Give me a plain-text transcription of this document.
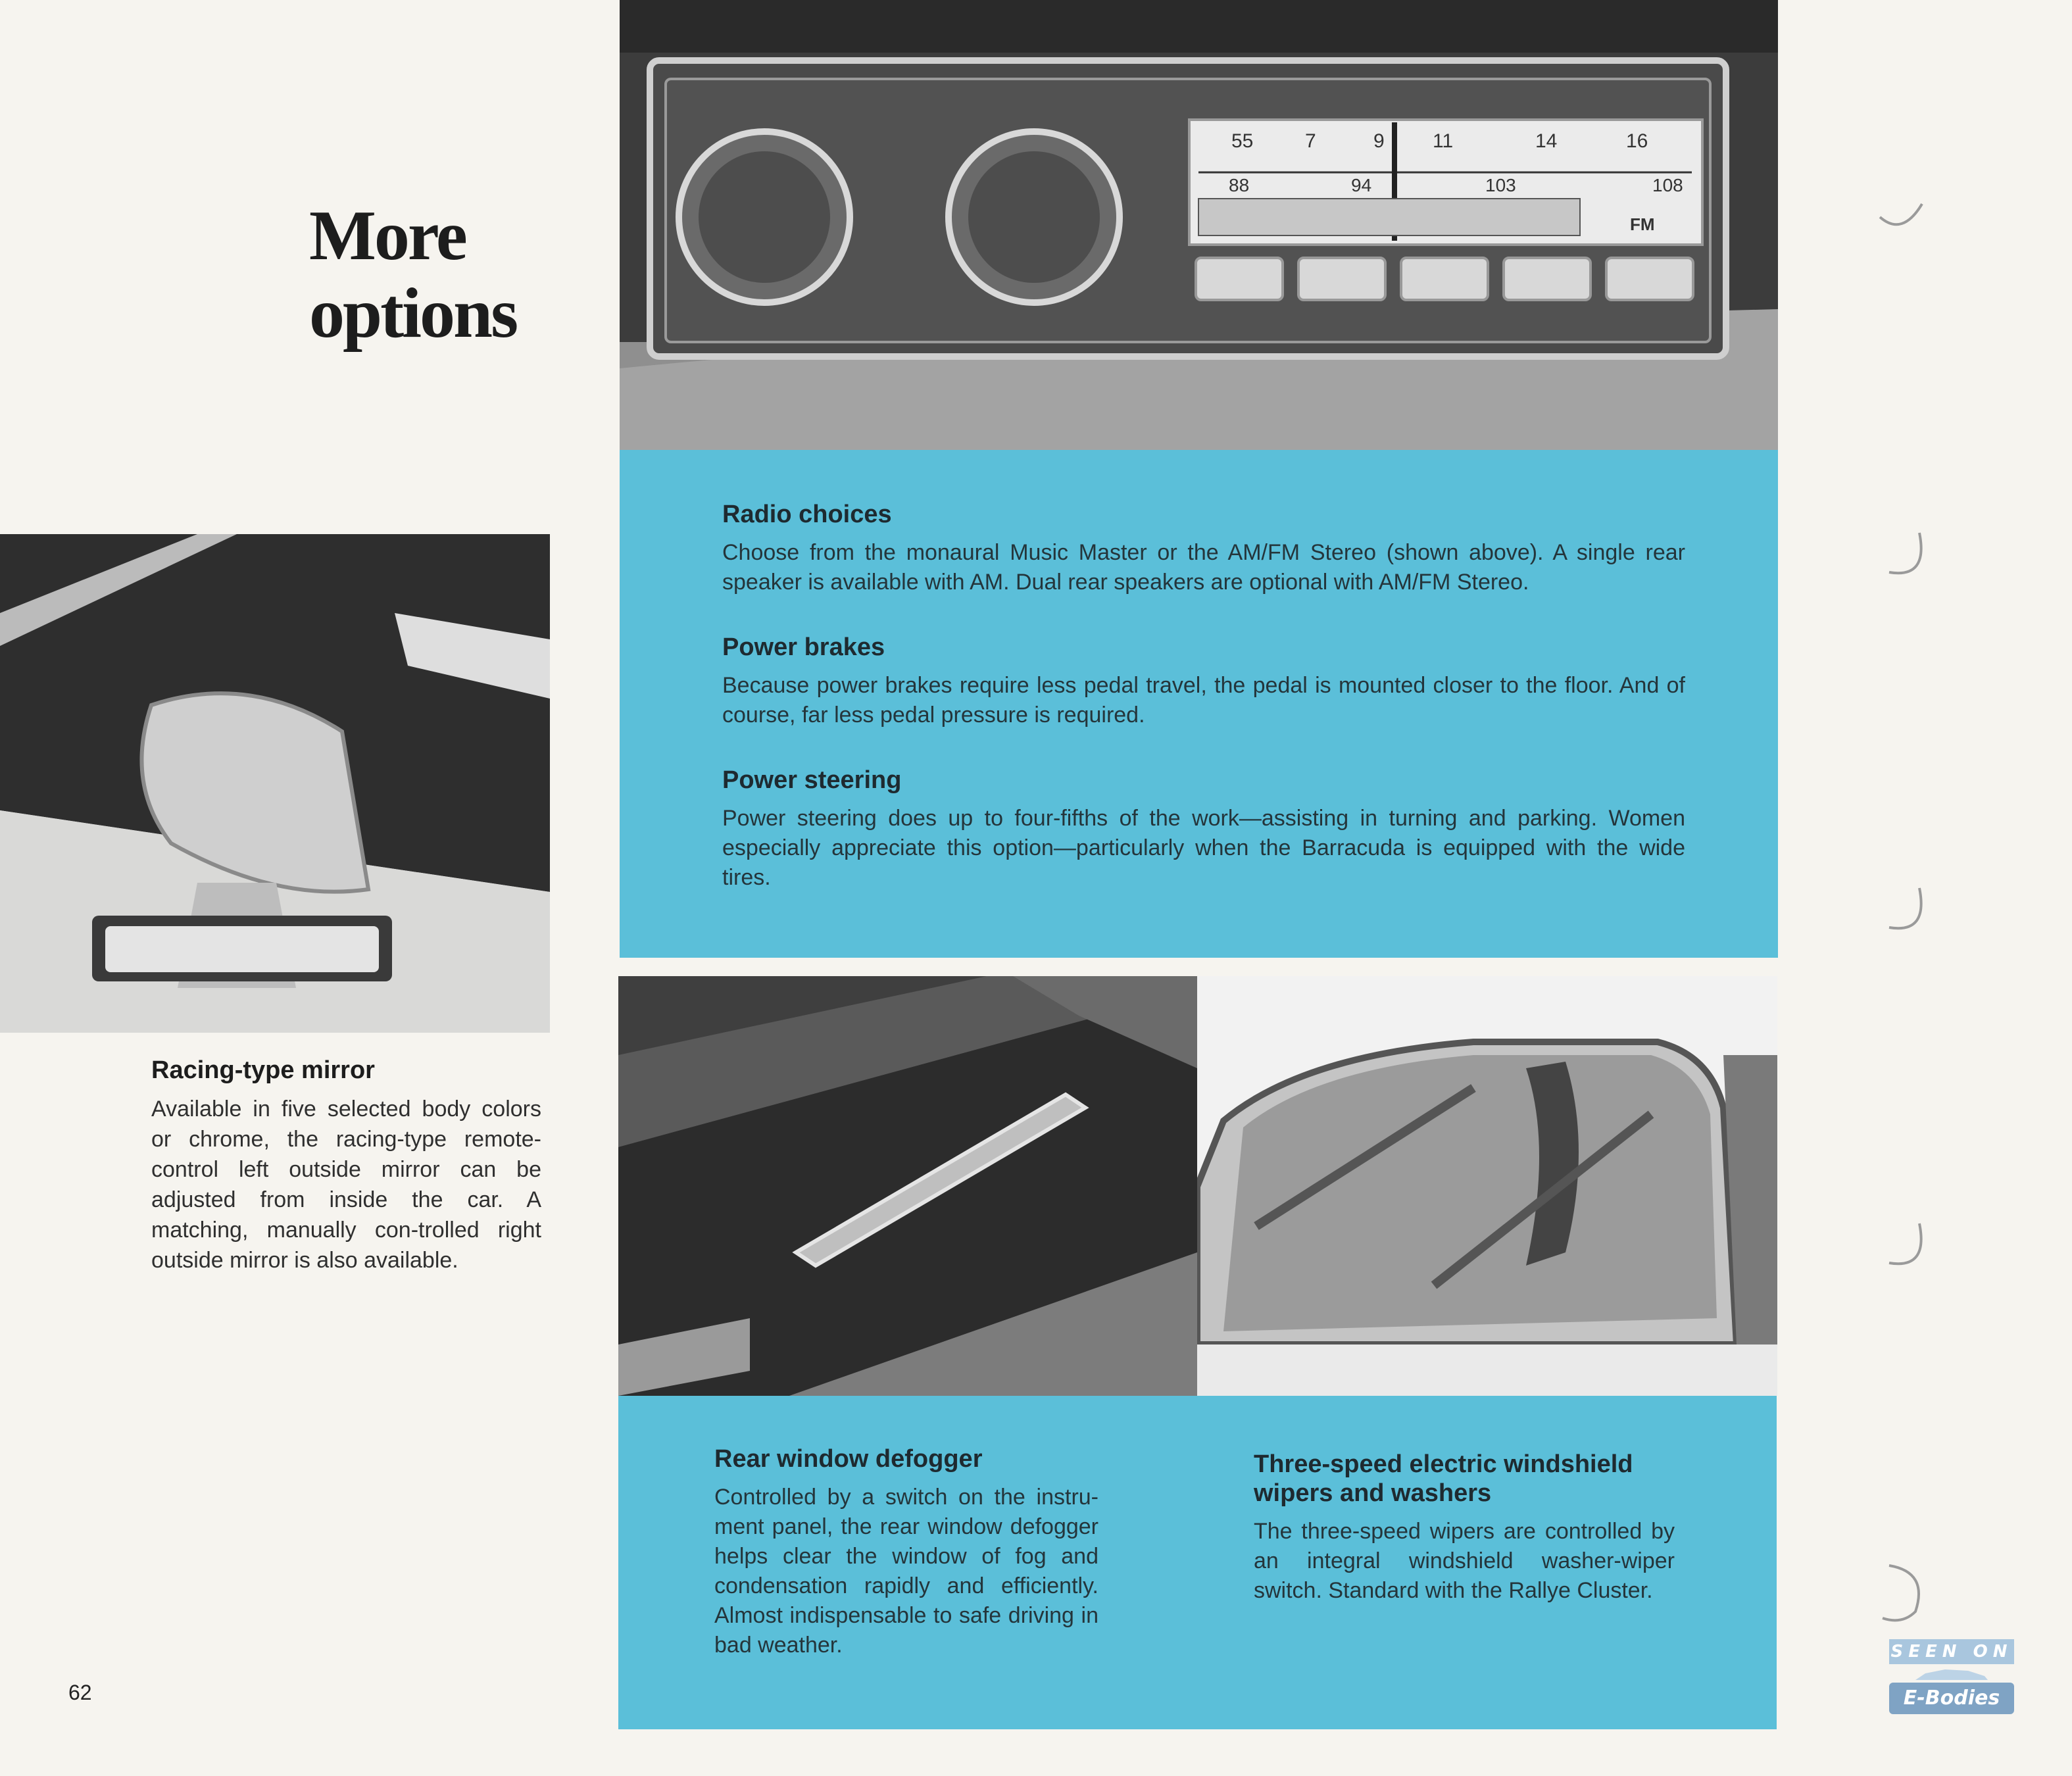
More
options
55	7	9 11	14	16
88	94	103	108
FM
Radio choices

Choose from the monaural Music Master or the AM/FM Stereo (shown above). A single rear speaker is available with AM. Dual rear speakers are optional with AM/FM Stereo.

Power brakes

Because power brakes require less pedal travel, the pedal is mounted closer to the floor. And of course, far less pedal pressure is required.

Power steering

Power steering does up to four-fifths of the work—assisting in turning and parking. Women especially appreciate this option—particularly when the Barracuda is equipped with the wide tires.

Racing-type mirror

Available in five selected body colors or chrome, the racing-type remote-control left outside mirror can be adjusted from inside the car. A matching, manually con-trolled right outside mirror is also available.

Rear window defogger

Controlled by a switch on the instru-ment panel, the rear window defogger helps clear the window of fog and condensation rapidly and efficiently. Almost indispensable to safe driving in bad weather.

Three-speed electric windshield
wipers and washers

The three-speed wipers are controlled by an integral windshield washer-wiper switch. Standard with the Rallye Cluster.

62
SEEN ON
E-Bodies
